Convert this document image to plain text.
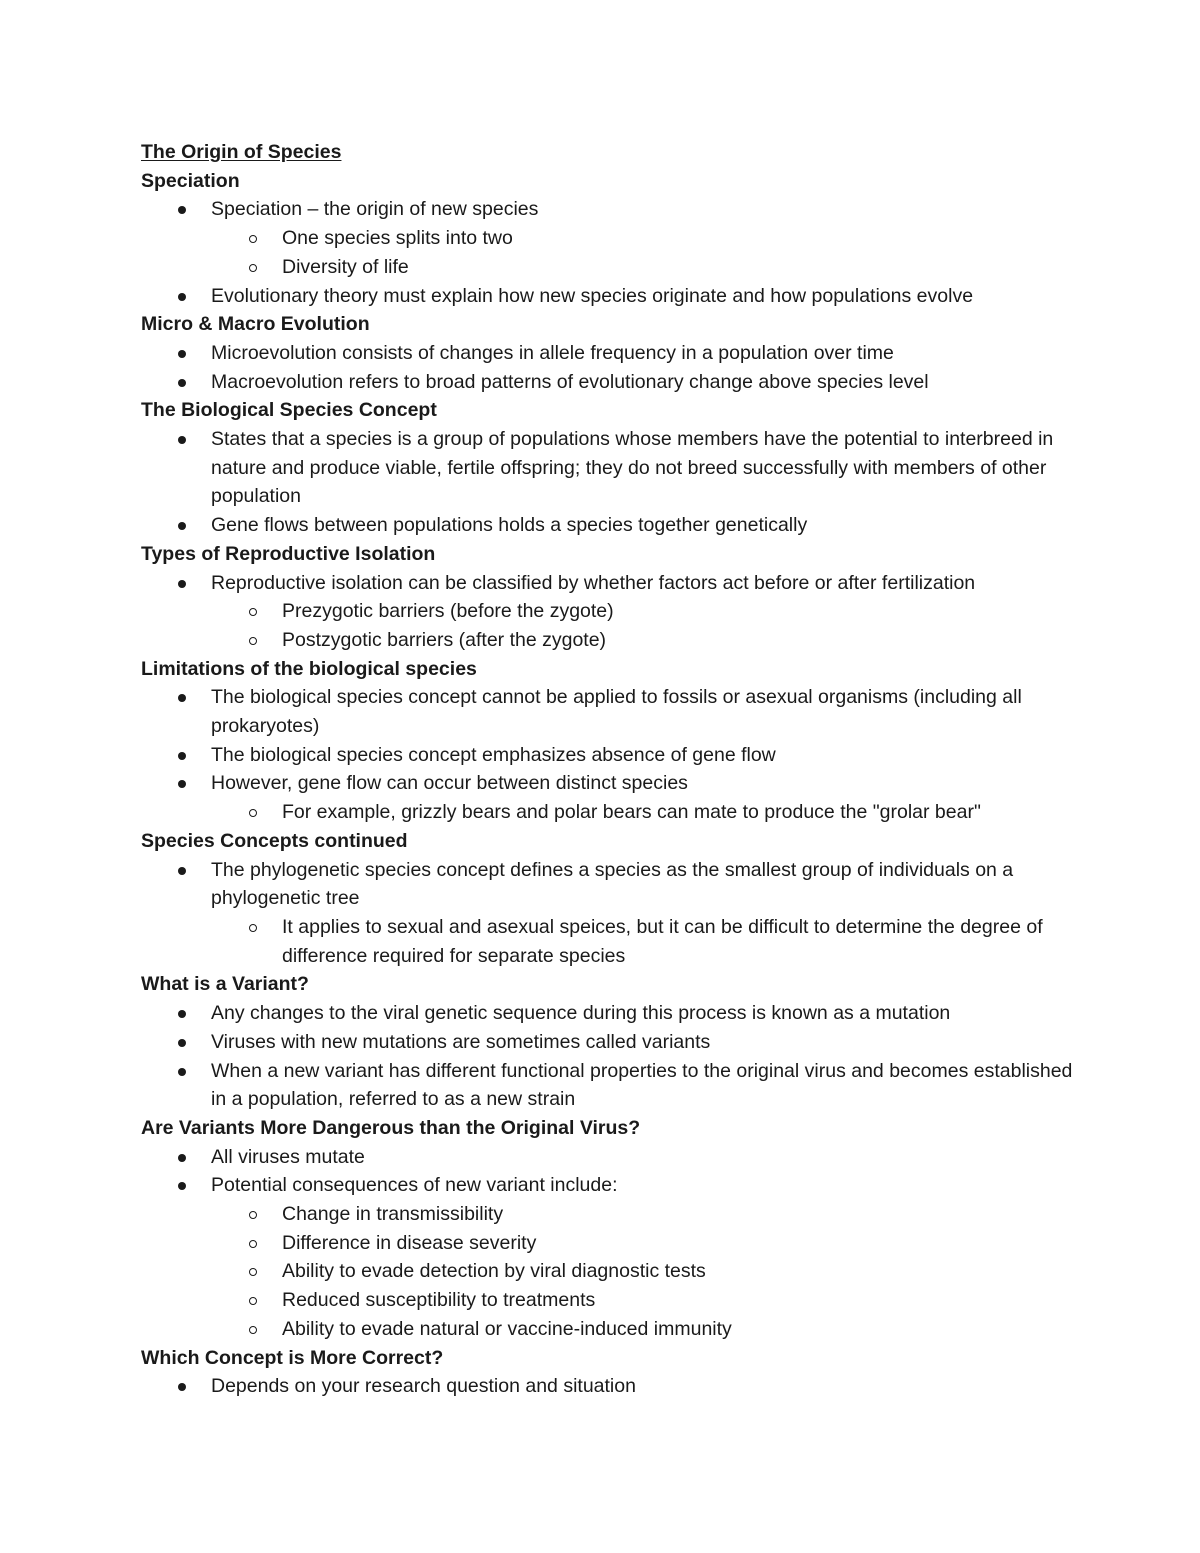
The Origin of Species
Speciation
Speciation – the origin of new species
One species splits into two
Diversity of life
Evolutionary theory must explain how new species originate and how populations evolve
Micro & Macro Evolution
Microevolution consists of changes in allele frequency in a population over time
Macroevolution refers to broad patterns of evolutionary change above species level
The Biological Species Concept
States that a species is a group of populations whose members have the potential to interbreed in nature and produce viable, fertile offspring; they do not breed successfully with members of other population
Gene flows between populations holds a species together genetically
Types of Reproductive Isolation
Reproductive isolation can be classified by whether factors act before or after fertilization
Prezygotic barriers (before the zygote)
Postzygotic barriers (after the zygote)
Limitations of the biological species
The biological species concept cannot be applied to fossils or asexual organisms (including all prokaryotes)
The biological species concept emphasizes absence of gene flow
However, gene flow can occur between distinct species
For example, grizzly bears and polar bears can mate to produce the "grolar bear"
Species Concepts continued
The phylogenetic species concept defines a species as the smallest group of individuals on a phylogenetic tree
It applies to sexual and asexual speices, but it can be difficult to determine the degree of difference required for separate species
What is a Variant?
Any changes to the viral genetic sequence during this process is known as a mutation
Viruses with new mutations are sometimes called variants
When a new variant has different functional properties to the original virus and becomes established in a population, referred to as a new strain
Are Variants More Dangerous than the Original Virus?
All viruses mutate
Potential consequences of new variant include:
Change in transmissibility
Difference in disease severity
Ability to evade detection by viral diagnostic tests
Reduced susceptibility to treatments
Ability to evade natural or vaccine-induced immunity
Which Concept is More Correct?
Depends on your research question and situation
